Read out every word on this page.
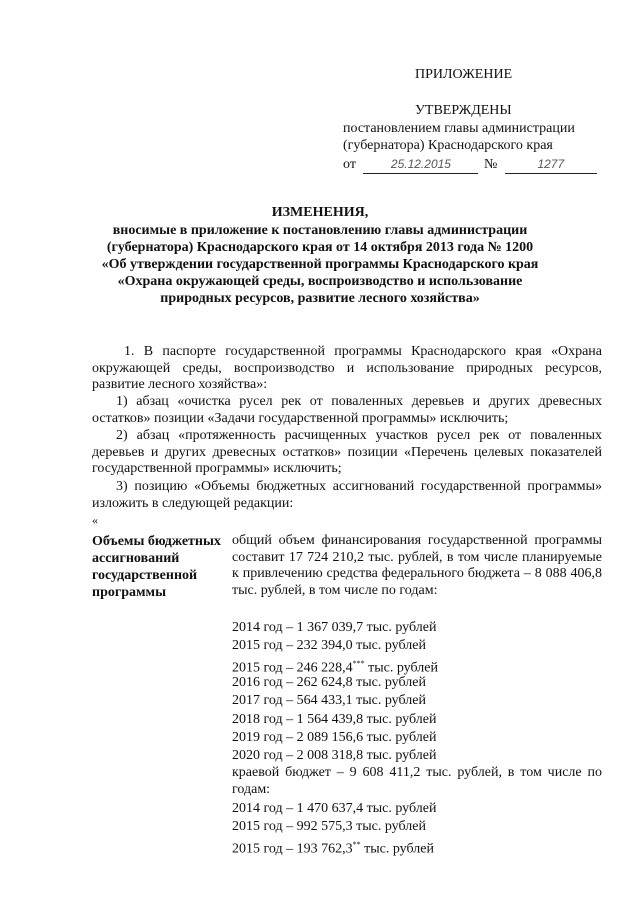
ПРИЛОЖЕНИЕ
УТВЕРЖДЕНЫ
постановлением главы администрации
(губернатора) Краснодарского края
от	25.12.2015 №	1277
ИЗМЕНЕНИЯ,
вносимые в приложение к постановлению главы администрации
(губернатора) Краснодарского края от 14 октября 2013 года № 1200
«Об утверждении государственной программы Краснодарского края
«Охрана окружающей среды, воспроизводство и использование
природных ресурсов, развитие лесного хозяйства»
1. В паспорте государственной программы Краснодарского края «Охрана окружающей среды, воспроизводство и использование природных ресурсов, развитие лесного хозяйства»:
1) абзац «очистка русел рек от поваленных деревьев и других древесных остатков» позиции «Задачи государственной программы» исключить;
2) абзац «протяженность расчищенных участков русел рек от поваленных деревьев и других древесных остатков» позиции «Перечень целевых показателей государственной программы» исключить;
3) позицию «Объемы бюджетных ассигнований государственной программы» изложить в следующей редакции:
«
Объемы бюджетных ассигнований государственной программы
общий объем финансирования государственной программы составит 17 724 210,2 тыс. рублей, в том числе планируемые к привлечению средства федерального бюджета – 8 088 406,8 тыс. рублей, в том числе по годам:
2014 год – 1 367 039,7 тыс. рублей
2015 год – 232 394,0 тыс. рублей
2015 год – 246 228,4*** тыс. рублей
2016 год – 262 624,8 тыс. рублей
2017 год – 564 433,1 тыс. рублей
2018 год – 1 564 439,8 тыс. рублей
2019 год – 2 089 156,6 тыс. рублей
2020 год – 2 008 318,8 тыс. рублей
краевой бюджет – 9 608 411,2 тыс. рублей, в том числе по годам:
2014 год – 1 470 637,4 тыс. рублей
2015 год – 992 575,3 тыс. рублей
2015 год – 193 762,3** тыс. рублей
